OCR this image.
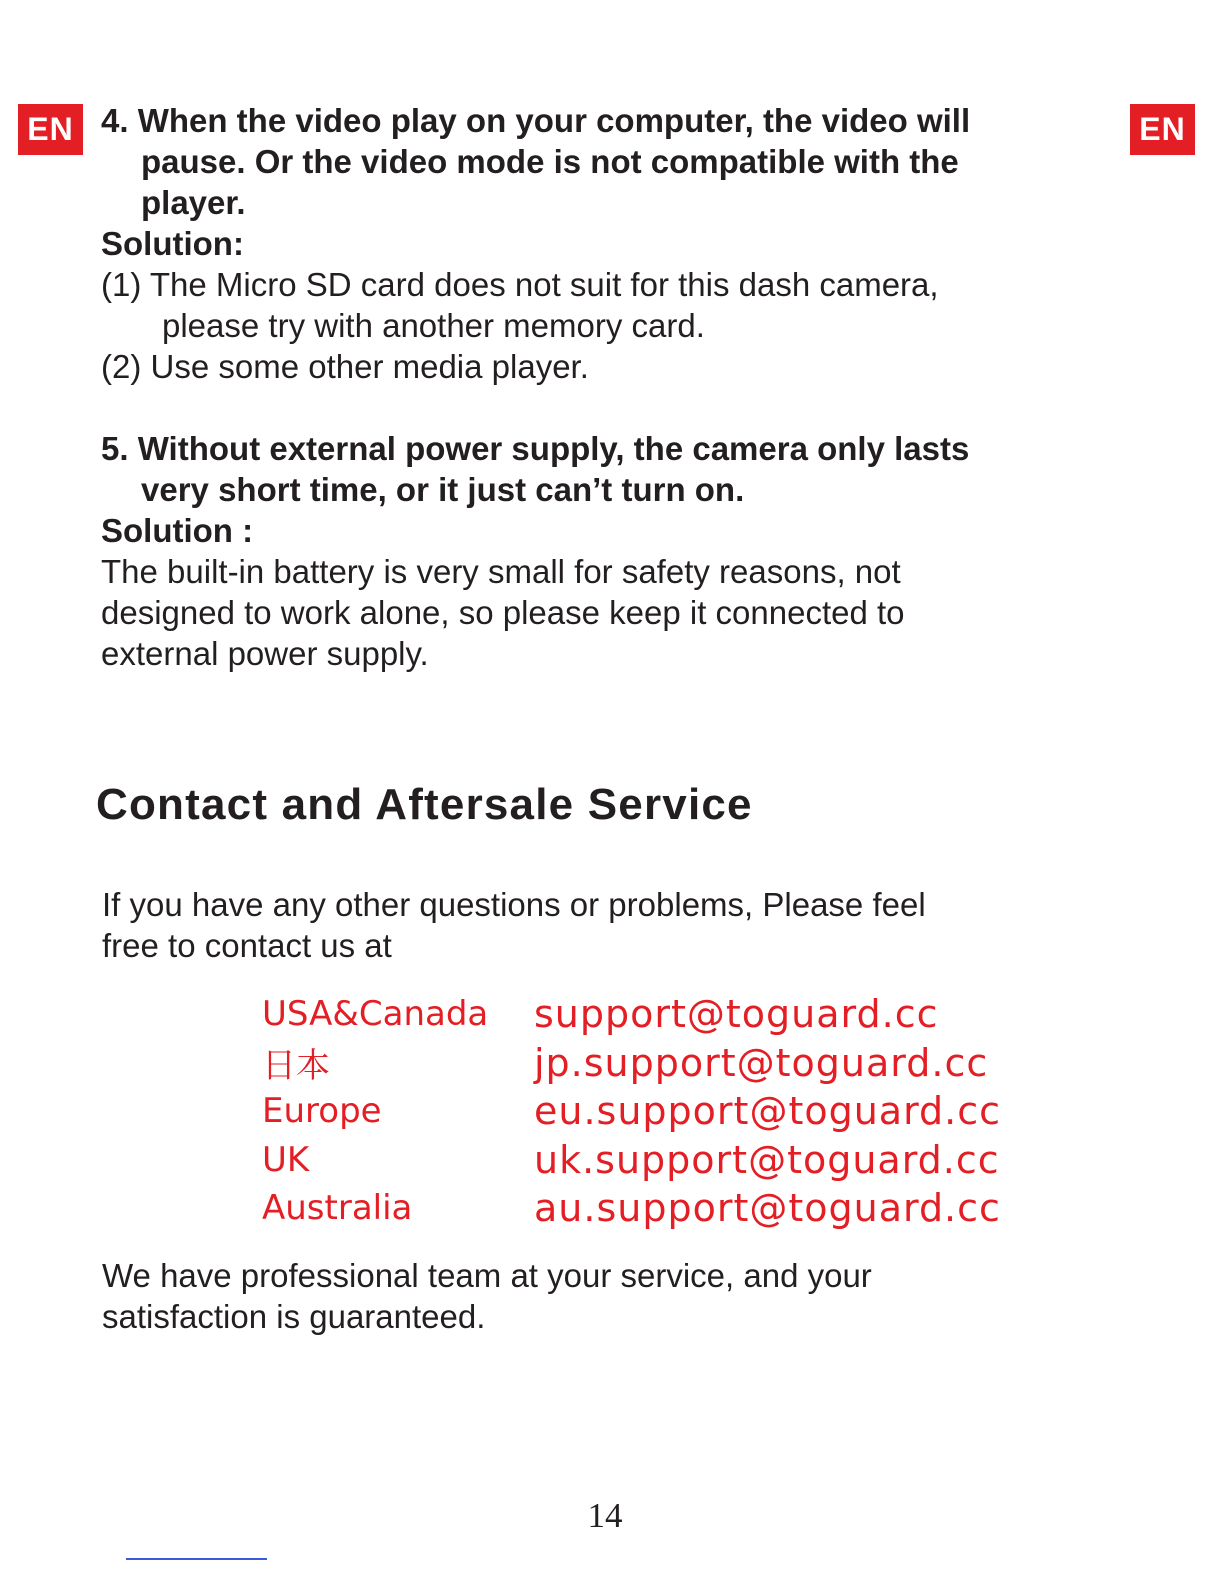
EN	EN

4. When the video play on your computer, the video will

pause. Or the video mode is not compatible with the

player.

Solution:

(1) The Micro SD card does not suit for this dash camera,

please try with another memory card.

(2) Use some other media player.

5. Without external power supply, the camera only lasts

very short time, or it just can’t turn on.

Solution :

The built-in battery is very small for safety reasons, not

designed to work alone, so please keep it connected to

external power supply.

Contact and Aftersale Service
If you have any other questions or problems, Please feel
free to contact us at
USA&Canada	support@toguard.cc
日本	jp.support@toguard.cc
Europe	eu.support@toguard.cc
UK	uk.support@toguard.cc
Australia	au.support@toguard.cc
We have professional team at your service, and your
satisfaction is guaranteed.
14
